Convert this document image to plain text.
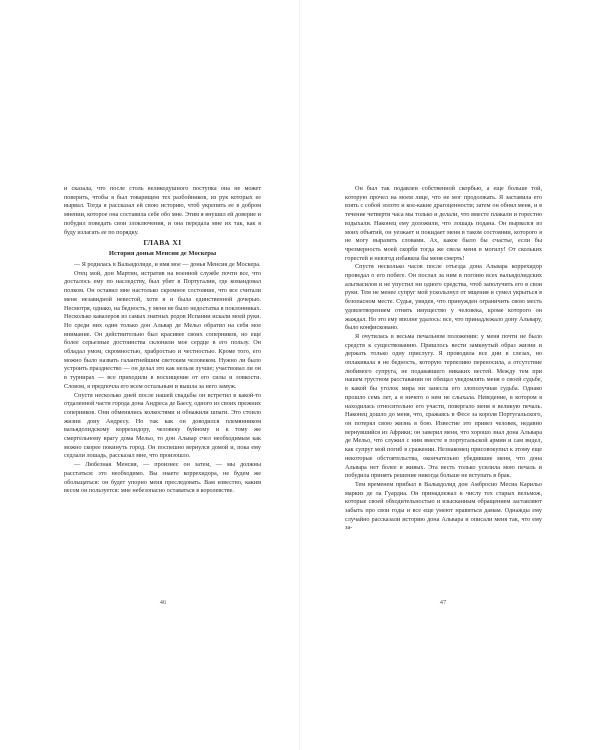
и сказала, что после столь великодушного поступка она не может поверить, чтобы я был товарищем тех разбойников, из рук которых ее вырвал. Тогда я рассказал ей свою историю, чтоб укрепить ее в добром мнении, которое она составила себе обо мне. Этим я внушил ей доверие и побудил поведать свои злоключения, и она передала мне их так, как я буду излагать ее по порядку.

ГЛАВА XI
История доньи Менсии де Москеры

— Я родилась в Вальядолиде, и имя мое — донья Менсия де Москера.

Отец мой, дон Мартин, истратив на военной службе почти все, что досталось ему по наследству, был убит в Португалии, где командовал полком. Он оставил мне настолько скромное состояние, что все считали меня незавидной невестой, хотя я и была единственной дочерью. Несмотря, однако, на бедность, у меня не было недостатка в поклонниках. Несколько кавалеров из самых знатных родов Испании искали моей руки. Но среди них один только дон Альвар де Мельо обратил на себя мое внимание. Он действительно был красивее своих соперников, но еще более серьезные достоинства склонили мое сердце в его пользу. Он обладал умом, скромностью, храбростью и честностью. Кроме того, его можно было назвать галантнейшим светским человеком. Нужно ли было устроить празднество — он делал это как нельзя лучше; участвовал ли он в турнирах — все приходили в восхищение от его силы и ловкости. Словом, я предпочла его всем остальным и вышла за него замуж.

Спустя несколько дней после нашей свадьбы он встретил в какой-то отдаленной части города дона Андреса де Баесу, одного из своих прежних соперников. Они обменялись колкостями и обнажили шпаги. Это стоило жизни дону Андресу. Но так как он доводился племянником вальядолидскому коррехидору, человеку буйному и к тому же смертельному врагу дома Мельо, то дон Альвар счел необходимым как можно скорее покинуть город. Он поспешно вернулся домой и, пока ему седлали лошадь, рассказал мне, что произошло.

— Любезная Менсия, — произнес он затем, — мы должны расстаться: это необходимо. Вы знаете коррехидора, не будем же обольщаться: он будет упорно меня преследовать. Вам известно, каким весом он пользуется: мне небезопасно оставаться в королевстве.

46

Он был так подавлен собственной скорбью, а еще больше той, которую прочел на моем лице, что не мог продолжать. Я заставила его взять с собой золото и кое-какие драгоценности; затем он обнял меня, и в течение четверти часа мы только и делали, что вместе плакали и горестно вздыхали. Наконец ему доложили, что лошадь подана. Он вырвался из моих объятий, он уезжает и покидает меня в таком состоянии, которого я не могу выразить словами. Ах, какое было бы счастье, если бы чрезмерность моей скорби тогда же свела меня в могилу! От скольких горестей и невзгод избавила бы меня смерть!

Спустя несколько часов после отъезда дона Альвара коррехидор проведал о его побеге. Он послал за ним в погоню всех вальядолидских альгвасилов и не упустил ни одного средства, чтоб заполучить его в свои руки. Тем не менее супруг мой ускользнул от мщения и сумел укрыться в безопасном месте. Судья, увидев, что принужден ограничить свою месть удовлетворением отнять имущество у человека, кроме которого он жаждал. Но это ему вполне удалось: все, что принадлежало дону Альвару, было конфисковано.

Я очутилась в весьма печальном положении: у меня почти не было средств к существованию. Пришлось вести замкнутый образ жизни и держать только одну прислугу. Я проводила все дни в слезах, но оплакивала я не бедность, которую терпеливо переносила, а отсутствие любимого супруга, не подававшего никаких вестей. Между тем при нашем грустном расставании он обещал уведомлять меня о своей судьбе, в какой бы уголок мира ни занесла его злополучная судьба. Однако прошло семь лет, а я ничего о нем не слыхала. Неведение, в котором я находилась относительно его участи, повергало меня в великую печаль. Наконец дошло до меня, что, сражаясь в Фесе за короля Португальского, он потерял свою жизнь в бою. Известие это привез человек, недавно вернувшийся из Африки; он заверил меня, что хорошо знал дона Альвара де Мельо, что служил с ним вместе в португальской армии и сам видел, как супруг мой погиб в сражении. Незнакомец присовокупил к этому еще некоторые обстоятельства, окончательно убедившие меня, что дона Альвара нет более в живых. Эта весть только усилила мою печаль и побудила принять решение никогда больше не вступать в брак.

Тем временем прибыл в Вальядолид дон Амбросио Месиа Карильо маркиз де ла Гуардиа. Он принадлежал к числу тех старых вельмож, которые своей обходительностью и изысканным обращением заставляют забыть про свои годы и все еще умеют нравиться дамам. Однажды ему случайно рассказали историю дона Альвара и описали меня так, что ему за-

47
